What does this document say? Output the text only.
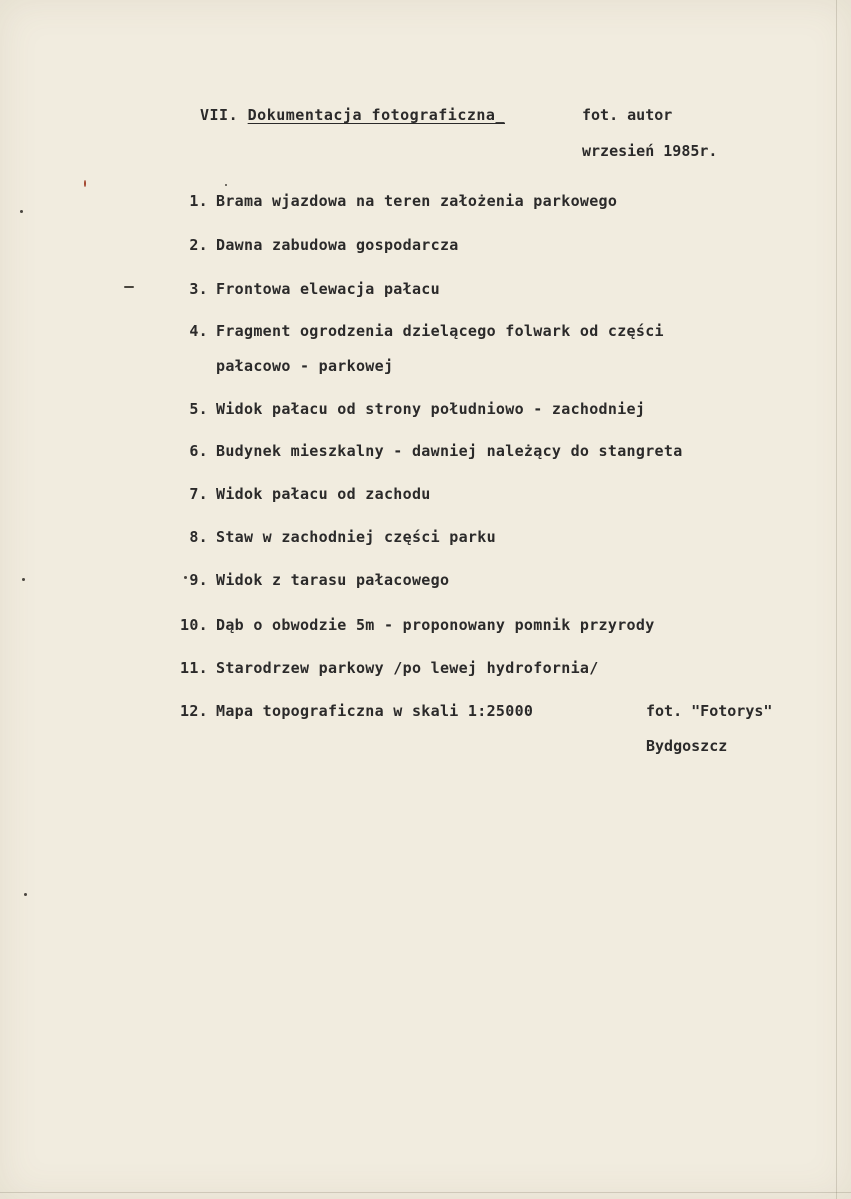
VII. Dokumentacja fotograficzna_	fot. autor
wrzesień 1985r.
1. Brama wjazdowa na teren założenia parkowego
2. Dawna zabudowa gospodarcza
3. Frontowa elewacja pałacu
4. Fragment ogrodzenia dzielącego folwark od części
pałacowo - parkowej
5. Widok pałacu od strony południowo - zachodniej
6. Budynek mieszkalny - dawniej należący do stangreta
7. Widok pałacu od zachodu
8. Staw w zachodniej części parku
9. Widok z tarasu pałacowego
10. Dąb o obwodzie 5m - proponowany pomnik przyrody
11. Starodrzew parkowy /po lewej hydrofornia/
12. Mapa topograficzna w skali 1:25000	fot. "Fotorys"
Bydgoszcz
